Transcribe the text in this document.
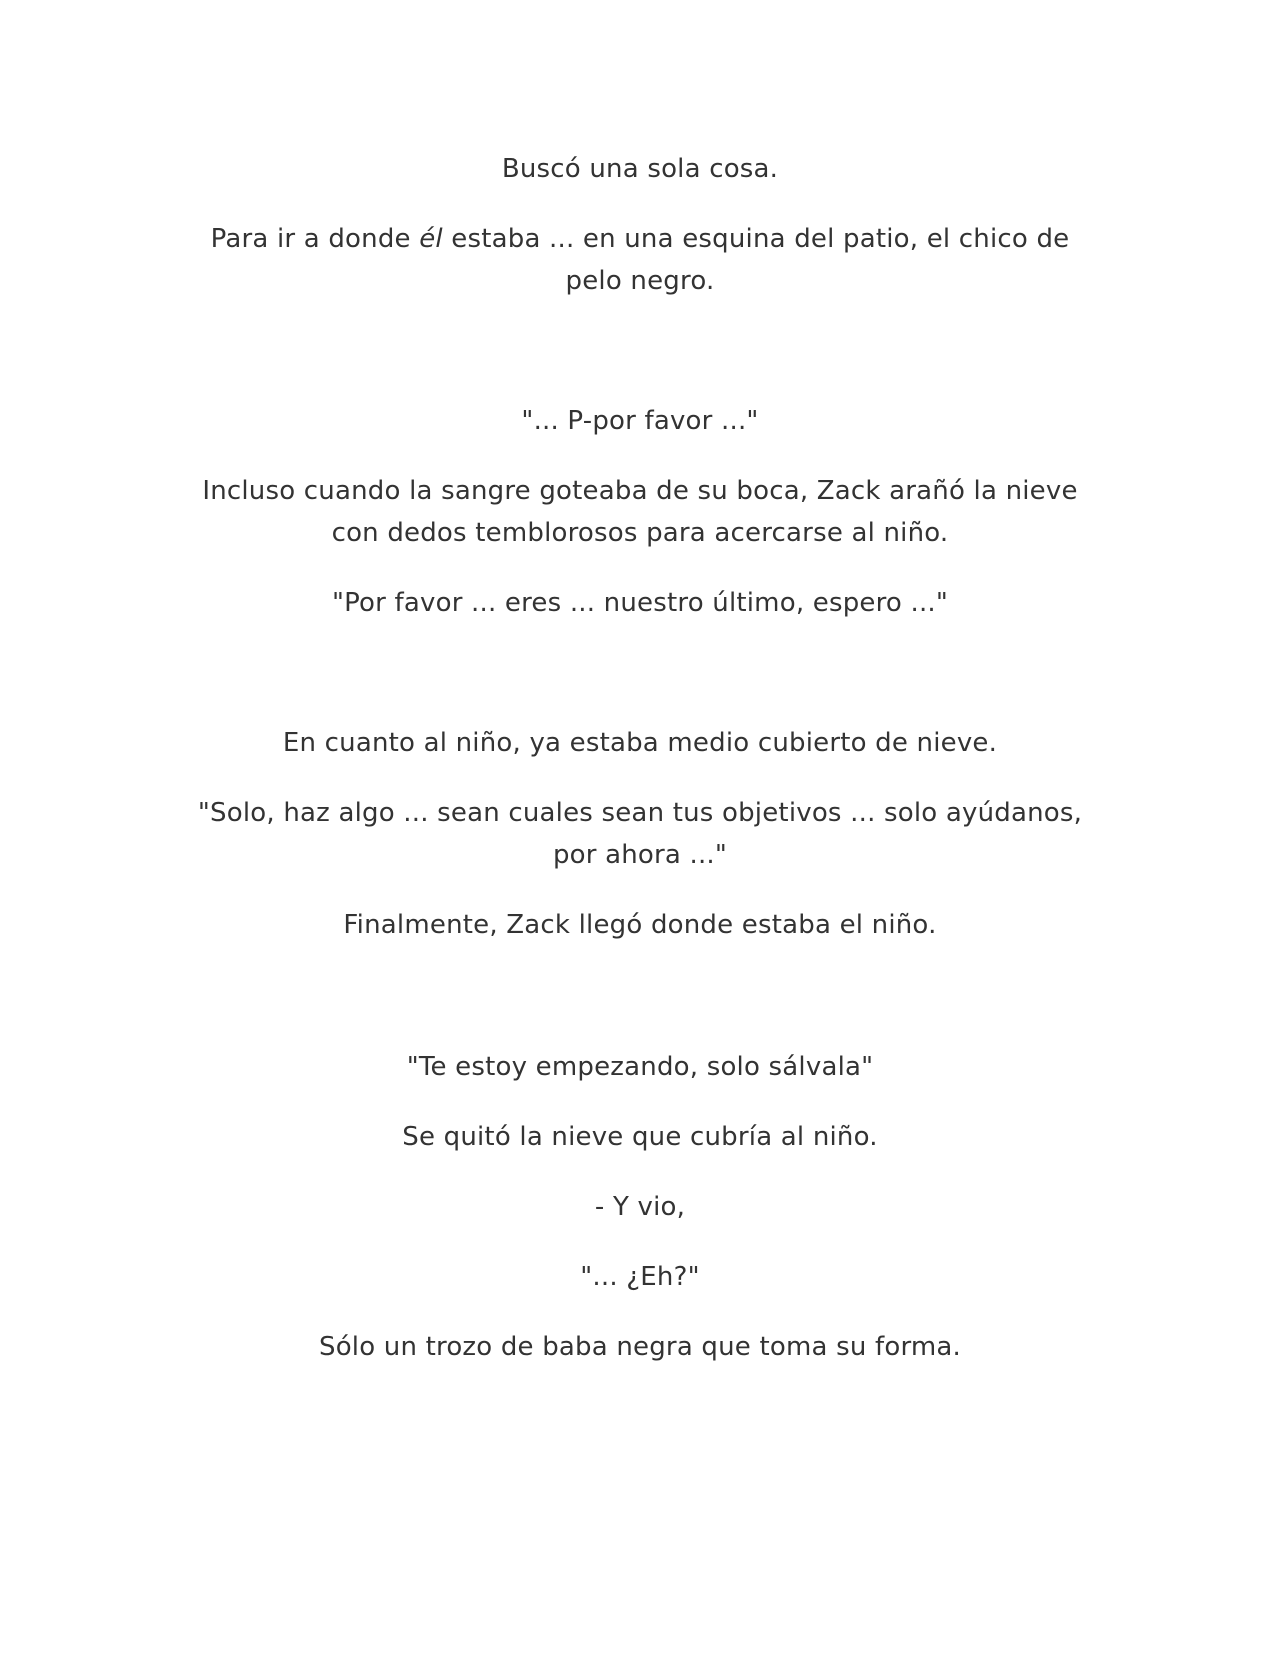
Buscó una sola cosa.

Para ir a donde él estaba ... en una esquina del patio, el chico de pelo negro.

"... P-por favor ..."

Incluso cuando la sangre goteaba de su boca, Zack arañó la nieve con dedos temblorosos para acercarse al niño.

"Por favor ... eres ... nuestro último, espero ..."

En cuanto al niño, ya estaba medio cubierto de nieve.

"Solo, haz algo ... sean cuales sean tus objetivos ... solo ayúdanos, por ahora ..."

Finalmente, Zack llegó donde estaba el niño.

"Te estoy empezando, solo sálvala"

Se quitó la nieve que cubría al niño.

- Y vio,

"... ¿Eh?"

Sólo un trozo de baba negra que toma su forma.
